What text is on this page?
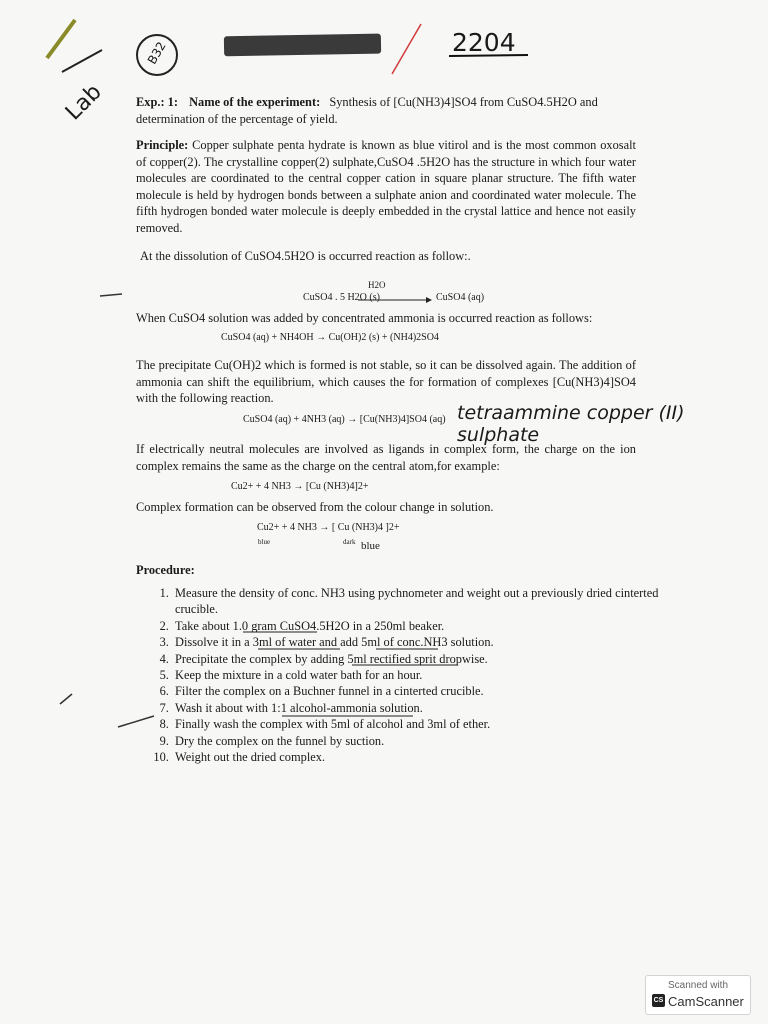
Lab
B32	2204
Exp.: 1: Name of the experiment: Synthesis of [Cu(NH3)4]SO4 from CuSO4.5H2O and
determination of the percentage of yield.
Principle: Copper sulphate penta hydrate is known as blue vitirol and is the most common oxosalt of copper(2). The crystalline copper(2) sulphate,CuSO4 .5H2O has the structure in which four water molecules are coordinated to the central copper cation in square planar structure. The fifth water molecule is held by hydrogen bonds between a sulphate anion and coordinated water molecule. The fifth hydrogen bonded water molecule is deeply embedded in the crystal lattice and hence not easily removed.
At the dissolution of CuSO4.5H2O is occurred reaction as follow:.
H2O
CuSO4 . 5 H2O (s)	CuSO4 (aq)
When CuSO4 solution was added by concentrated ammonia is occurred reaction as follows:
CuSO4 (aq) + NH4OH → Cu(OH)2 (s) + (NH4)2SO4
The precipitate Cu(OH)2 which is formed is not stable, so it can be dissolved again. The addition of ammonia can shift the equilibrium, which causes the for formation of complexes [Cu(NH3)4]SO4 with the following reaction.
CuSO4 (aq) + 4NH3 (aq) → [Cu(NH3)4]SO4 (aq) tetraammine copper (II) sulphate
If electrically neutral molecules are involved as ligands in complex form, the charge on the ion complex remains the same as the charge on the central atom,for example:
Cu2+ + 4 NH3 → [Cu (NH3)4]2+
Complex formation can be observed from the colour change in solution.
Cu2+ + 4 NH3 → [ Cu (NH3)4 ]2+
blue	dark blue
Procedure:
1. Measure the density of conc. NH3 using pychnometer and weight out a previously dried cinterted crucible.
2. Take about 1.0 gram CuSO4.5H2O in a 250ml beaker.
3. Dissolve it in a 3ml of water and add 5ml of conc.NH3 solution.
4. Precipitate the complex by adding 5ml rectified sprit dropwise.
5. Keep the mixture in a cold water bath for an hour.
6. Filter the complex on a Buchner funnel in a cinterted crucible.
7. Wash it about with 1:1 alcohol-ammonia solution.
8. Finally wash the complex with 5ml of alcohol and 3ml of ether.
9. Dry the complex on the funnel by suction.
10. Weight out the dried complex.
Scanned with
CS CamScanner
